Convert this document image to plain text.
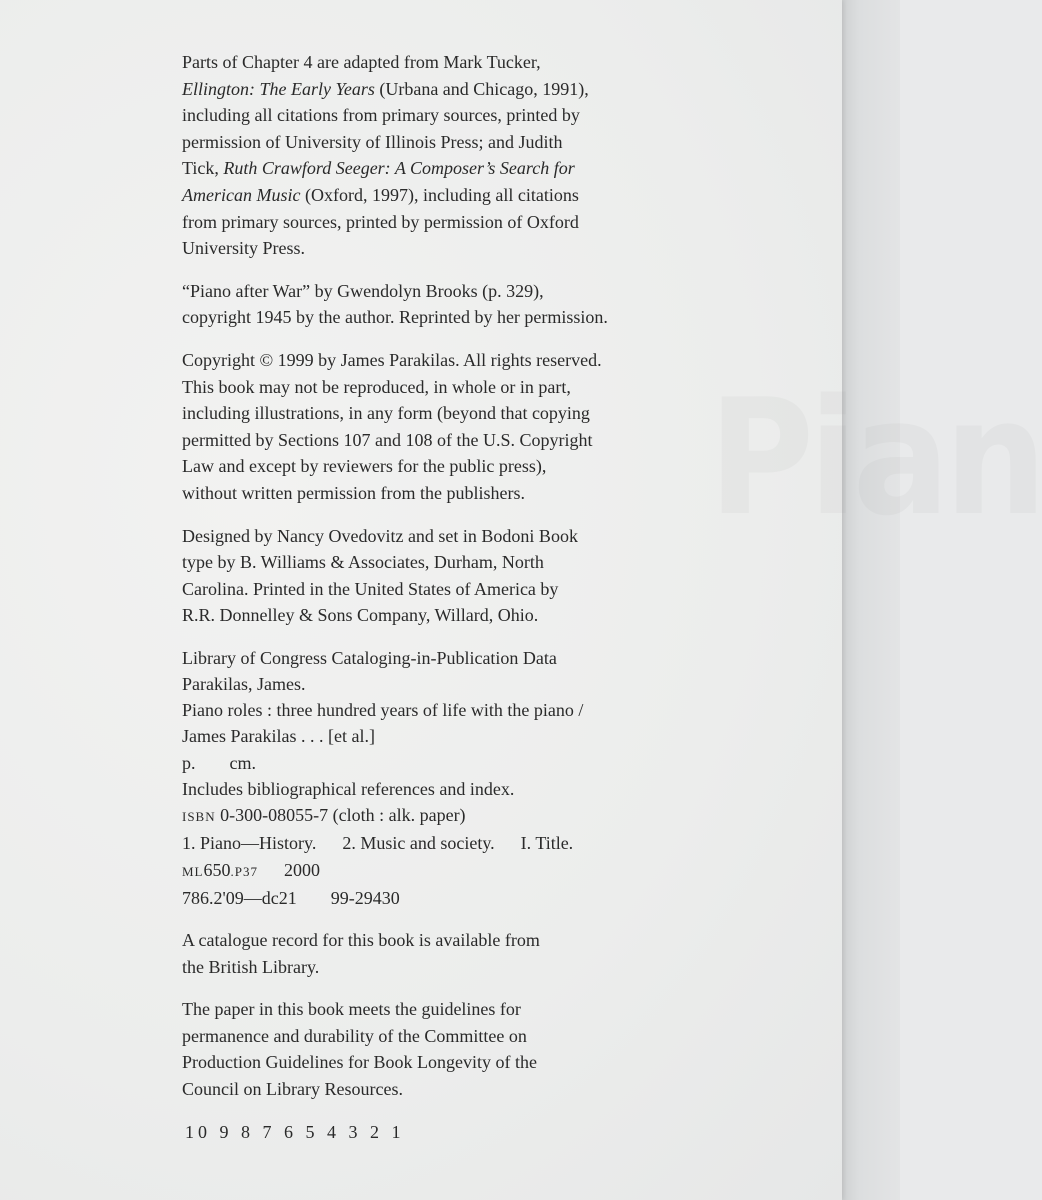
Pian

Parts of Chapter 4 are adapted from Mark Tucker,
Ellington: The Early Years (Urbana and Chicago, 1991),
including all citations from primary sources, printed by
permission of University of Illinois Press; and Judith
Tick, Ruth Crawford Seeger: A Composer’s Search for
American Music (Oxford, 1997), including all citations
from primary sources, printed by permission of Oxford
University Press.

“Piano after War” by Gwendolyn Brooks (p. 329),
copyright 1945 by the author. Reprinted by her permission.

Copyright © 1999 by James Parakilas. All rights reserved.
This book may not be reproduced, in whole or in part,
including illustrations, in any form (beyond that copying
permitted by Sections 107 and 108 of the U.S. Copyright
Law and except by reviewers for the public press),
without written permission from the publishers.

Designed by Nancy Ovedovitz and set in Bodoni Book
type by B. Williams & Associates, Durham, North
Carolina. Printed in the United States of America by
R.R. Donnelley & Sons Company, Willard, Ohio.

Library of Congress Cataloging-in-Publication Data
Parakilas, James.
Piano roles : three hundred years of life with the piano /
James Parakilas . . . [et al.]
p. cm.
Includes bibliographical references and index.
ISBN 0-300-08055-7 (cloth : alk. paper)
1. Piano—History. 2. Music and society. I. Title.
ML650.P37 2000
786.2'09—dc21 99-29430

A catalogue record for this book is available from
the British Library.

The paper in this book meets the guidelines for
permanence and durability of the Committee on
Production Guidelines for Book Longevity of the
Council on Library Resources.

10 9 8 7 6 5 4 3 2 1
